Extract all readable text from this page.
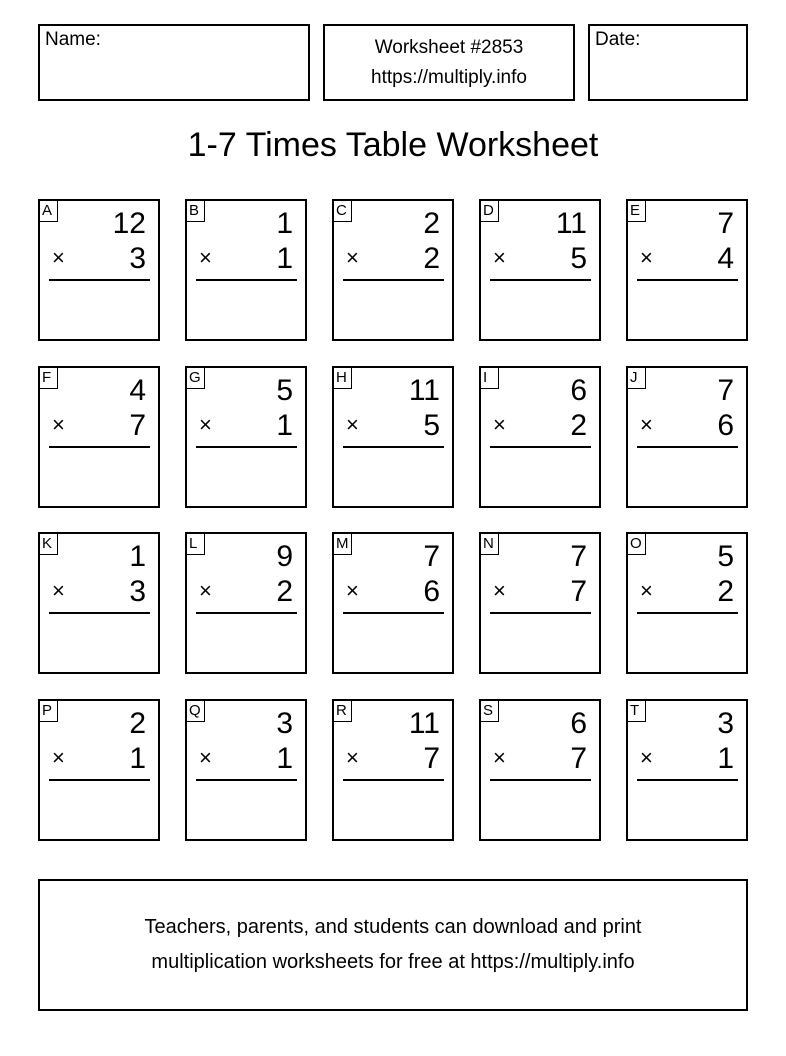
Name:	Worksheet #2853
https://multiply.info
Date:
1-7 Times Table Worksheet
A 12
× 3
B	1
× 1
C	2
× 2
D 11
× 5
E	7
× 4
F	4
× 7
G	5
× 1
H 11
× 5
I	6
× 2
J	7
× 6
K	1
× 3
L	9
× 2
M 7
× 6
N	7
× 7
O	5
× 2
P	2
× 1
Q	3
× 1
R 11
× 7
S	6
× 7
T	3
× 1
Teachers, parents, and students can download and print
multiplication worksheets for free at https://multiply.info
